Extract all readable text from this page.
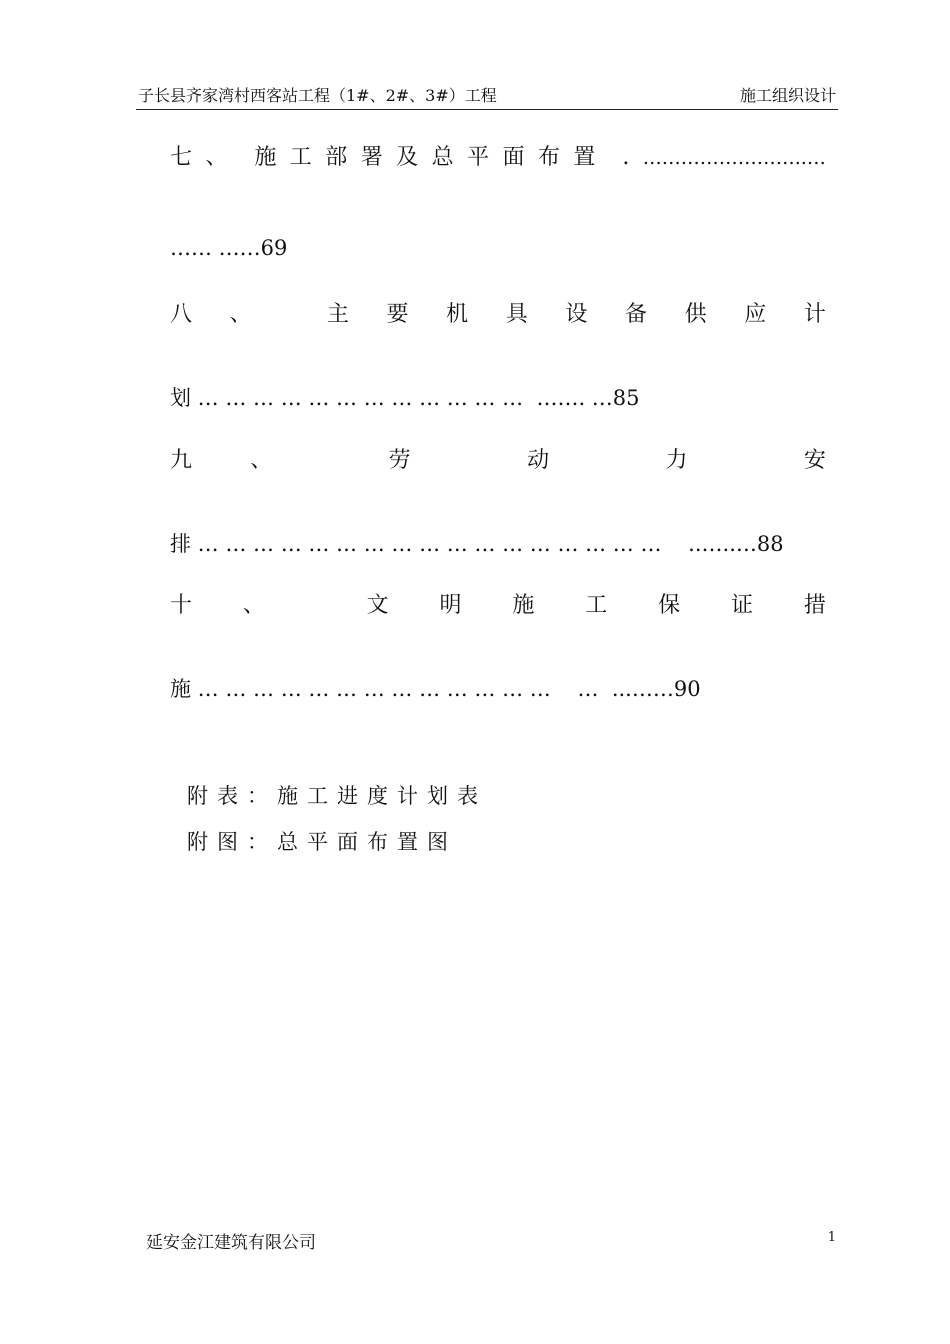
子长县齐家湾村西客站工程（1#、2#、3#）工程	施工组织设计
七 、 施 工 部 署 及 总 平 面 布 置 . ……………………..…
…… ……69
八 、	主 要 机 具 设 备 供 应 计
划 … … … … … … … … … … … …  ……. …85
九	、	劳	动	力	安
排 … … … … … … … … … … … … … … … … …    ..…..…88
十 、	文 明 施 工 保 证 措
施 … … … … … … … … … … … … …    …  ...……90
附表：施工进度计划表
附图：总平面布置图
延安金江建筑有限公司	1
